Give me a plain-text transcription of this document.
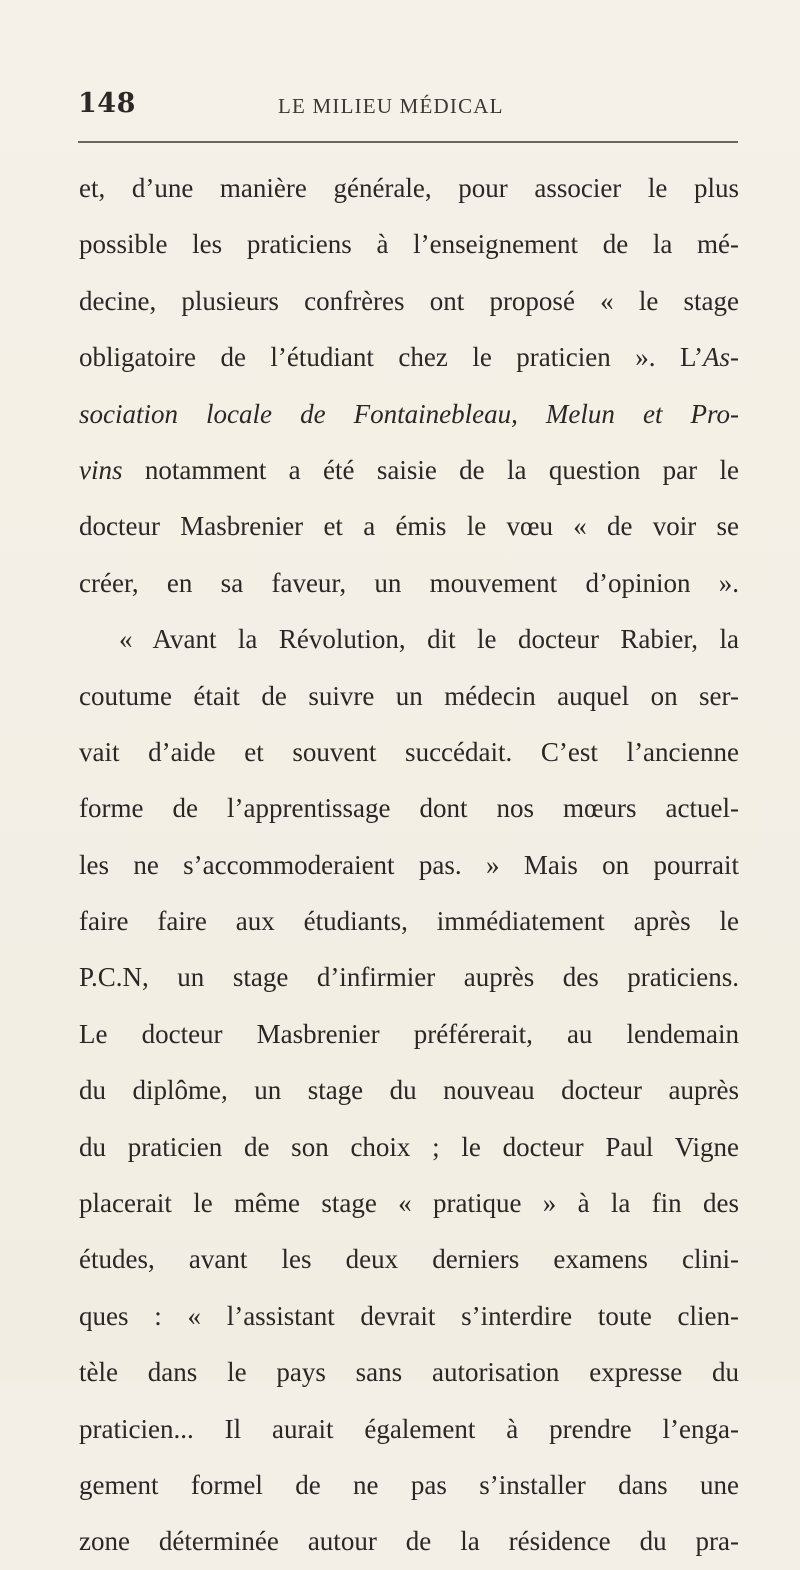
148	LE MILIEU MÉDICAL
et, d’une manière générale, pour associer le plus
possible les praticiens à l’enseignement de la mé-
decine, plusieurs confrères ont proposé « le stage
obligatoire de l’étudiant chez le praticien ». L’As-
sociation locale de Fontainebleau, Melun et Pro-
vins notamment a été saisie de la question par le
docteur Masbrenier et a émis le vœu « de voir se
créer, en sa faveur, un mouvement d’opinion ».
« Avant la Révolution, dit le docteur Rabier, la
coutume était de suivre un médecin auquel on ser-
vait d’aide et souvent succédait. C’est l’ancienne
forme de l’apprentissage dont nos mœurs actuel-
les ne s’accommoderaient pas. » Mais on pourrait
faire faire aux étudiants, immédiatement après le
P.C.N, un stage d’infirmier auprès des praticiens.
Le docteur Masbrenier préférerait, au lendemain
du diplôme, un stage du nouveau docteur auprès
du praticien de son choix ; le docteur Paul Vigne
placerait le même stage « pratique » à la fin des
études, avant les deux derniers examens clini-
ques : « l’assistant devrait s’interdire toute clien-
tèle dans le pays sans autorisation expresse du
praticien... Il aurait également à prendre l’enga-
gement formel de ne pas s’installer dans une
zone déterminée autour de la résidence du pra-
